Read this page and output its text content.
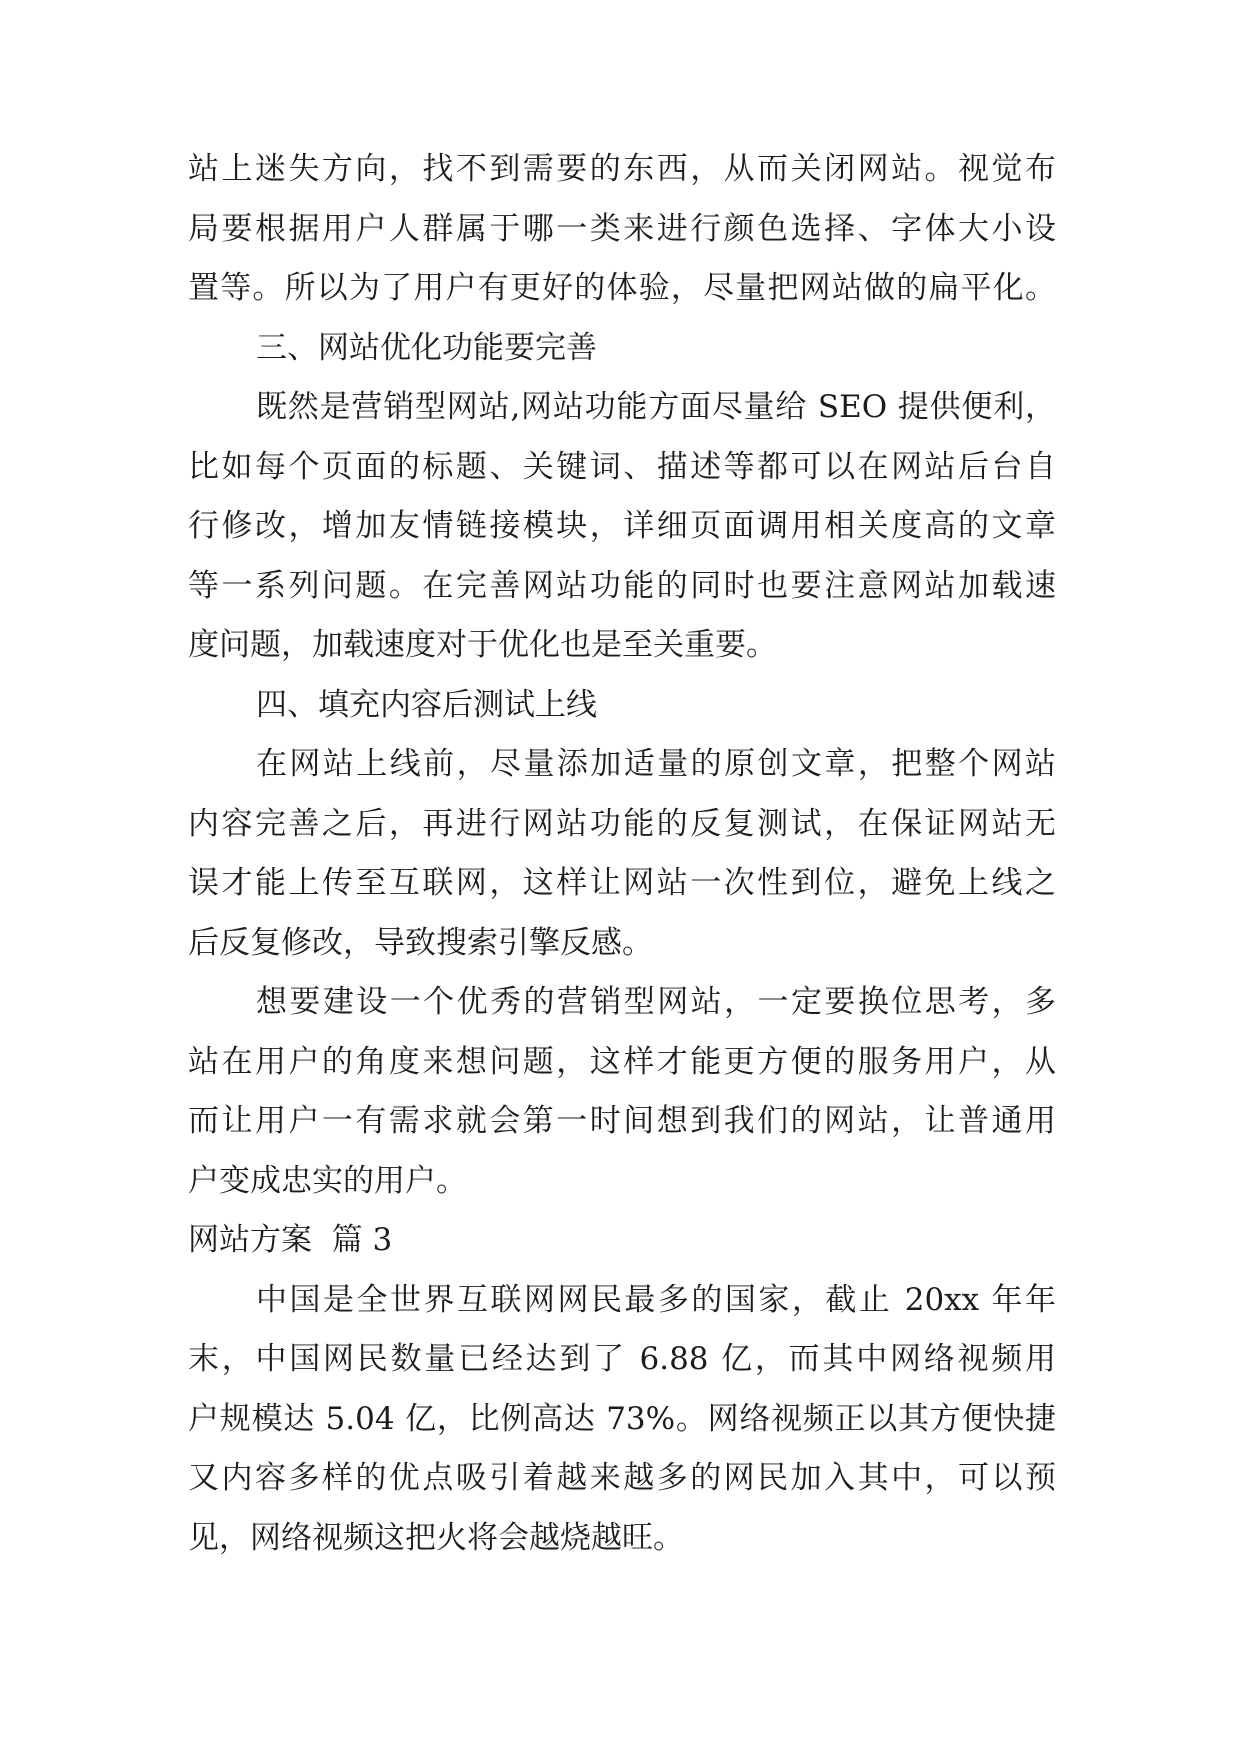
站上迷失方向，找不到需要的东西，从而关闭网站。视觉布
局要根据用户人群属于哪一类来进行颜色选择、字体大小设
置等。所以为了用户有更好的体验，尽量把网站做的扁平化。
三、网站优化功能要完善
既然是营销型网站,网站功能方面尽量给 SEO 提供便利，
比如每个页面的标题、关键词、描述等都可以在网站后台自
行修改，增加友情链接模块，详细页面调用相关度高的文章
等一系列问题。在完善网站功能的同时也要注意网站加载速
度问题，加载速度对于优化也是至关重要。
四、填充内容后测试上线
在网站上线前，尽量添加适量的原创文章，把整个网站
内容完善之后，再进行网站功能的反复测试，在保证网站无
误才能上传至互联网，这样让网站一次性到位，避免上线之
后反复修改，导致搜索引擎反感。
想要建设一个优秀的营销型网站，一定要换位思考，多
站在用户的角度来想问题，这样才能更方便的服务用户，从
而让用户一有需求就会第一时间想到我们的网站，让普通用
户变成忠实的用户。
网站方案  篇 3
中国是全世界互联网网民最多的国家，截止 20xx 年年
末，中国网民数量已经达到了 6.88 亿，而其中网络视频用
户规模达 5.04 亿，比例高达 73%。网络视频正以其方便快捷
又内容多样的优点吸引着越来越多的网民加入其中，可以预
见，网络视频这把火将会越烧越旺。
